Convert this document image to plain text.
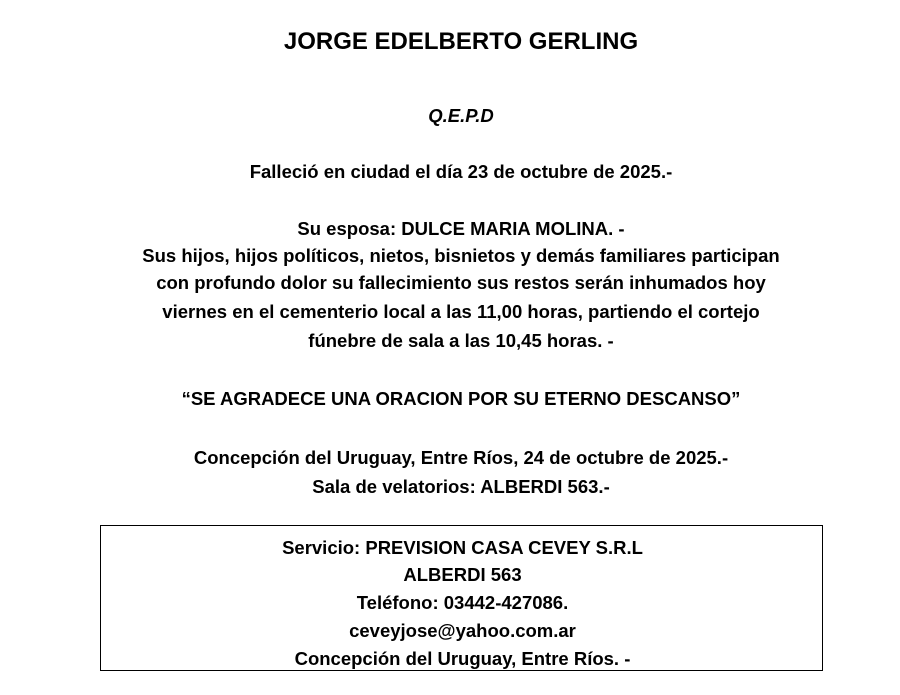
JORGE EDELBERTO GERLING
Q.E.P.D
Falleció en ciudad el día 23 de octubre de 2025.-
Su esposa: DULCE MARIA MOLINA. -
Sus hijos, hijos políticos, nietos, bisnietos y demás familiares participan
con profundo dolor su fallecimiento sus restos serán inhumados hoy
viernes en el cementerio local a las 11,00 horas, partiendo el cortejo
fúnebre de sala a las 10,45 horas. -
“SE AGRADECE UNA ORACION POR SU ETERNO DESCANSO”
Concepción del Uruguay, Entre Ríos, 24 de octubre de 2025.-
Sala de velatorios: ALBERDI 563.-
Servicio: PREVISION CASA CEVEY S.R.L
ALBERDI 563
Teléfono: 03442-427086.
ceveyjose@yahoo.com.ar
Concepción del Uruguay, Entre Ríos. -
